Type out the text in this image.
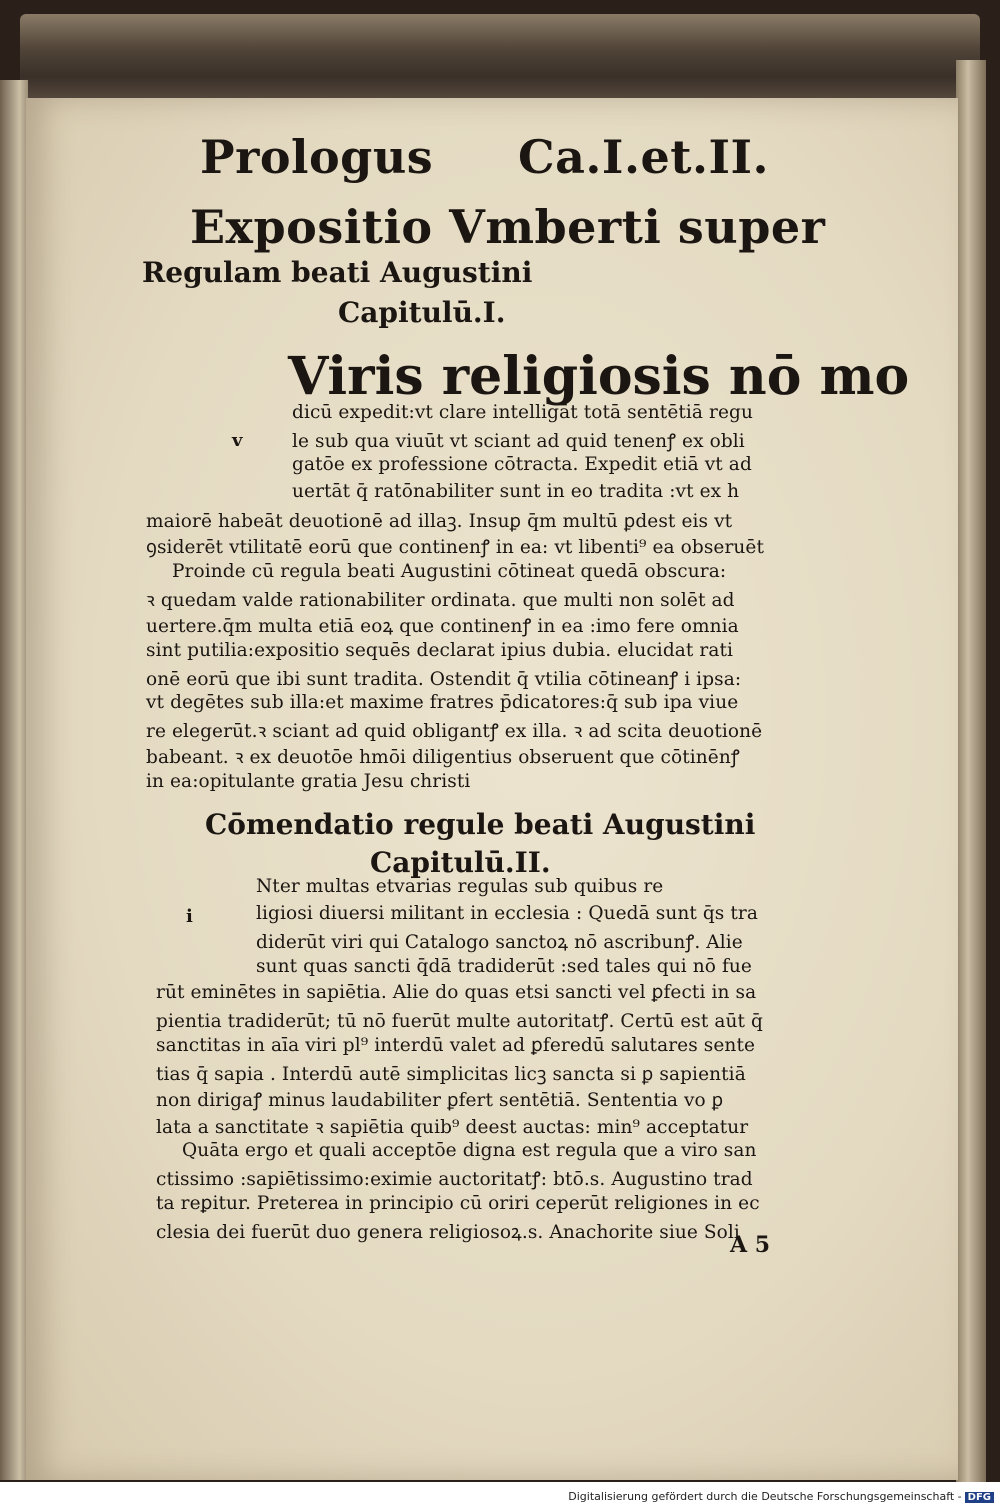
Prologus Ca.I.et.II.
Expositio Vmberti super
Regulam beati Augustini
Capitulū.I.
Viris religiosis nō mo
v
dicū expedit:vt clare intelligāt totā sentētiā regu
le sub qua viuūt vt sciant ad quid tenenꝭ ex obli
gatōe ex professione cōtracta. Expedit etiā vt ad
uertāt q̄ ratōnabiliter sunt in eo tradita :vt ex h
maiorē habeāt deuotionē ad illaꝫ. Insuꝑ q̄m multū ꝑdest eis vt
ꝯsiderēt vtilitatē eorū que continenꝭ in ea: vt libenti⁹ ea obseruēt
Proinde cū regula beati Augustini cōtineat quedā obscura:
ꝛ quedam valde rationabiliter ordinata. que multi non solēt ad
uertere.q̄m multa etiā eoꝝ que continenꝭ in ea :imo fere omnia
sint putilia:expositio sequēs declarat ipius dubia. elucidat rati
onē eorū que ibi sunt tradita. Ostendit q̄ vtilia cōtineanꝭ i ipsa:
vt degētes sub illa:et maxime fratres p̄dicatores:q̄ sub ipa viue
re elegerūt.ꝛ sciant ad quid obligantꝭ ex illa. ꝛ ad scita deuotionē
babeant. ꝛ ex deuotōe hmōi diligentius obseruent que cōtinēnꝭ
in ea:opitulante gratia Jesu christi
Cōmendatio regule beati Augustini
Capitulū.II.
i
Nter multas etvarias regulas sub quibus re
ligiosi diuersi militant in ecclesia : Quedā sunt q̄s tra
diderūt viri qui Catalogo sanctoꝝ nō ascribunꝭ. Alie
sunt quas sancti q̄dā tradiderūt :sed tales qui nō fue
rūt eminētes in sapiētia. Alie do quas etsi sancti vel ꝑfecti in sa
pientia tradiderūt; tū nō fuerūt multe autoritatꝭ. Certū est aūt q̄
sanctitas in aīa viri pl⁹ interdū valet ad ꝑferedū salutares sente
tias q̄ sapia . Interdū autē simplicitas licꝫ sancta si ꝑ sapientiā
non dirigaꝭ minus laudabiliter ꝑfert sentētiā. Sententia vo ꝑ
lata a sanctitate ꝛ sapiētia quib⁹ deest auctas: min⁹ acceptatur
Quāta ergo et quali acceptōe digna est regula que a viro san
ctissimo :sapiētissimo:eximie auctoritatꝭ: btō.s. Augustino trad
ta reꝑitur. Preterea in principio cū oriri ceperūt religiones in ec
clesia dei fuerūt duo genera religiosoꝝ.s. Anachorite siue Soli
A 5
Digitalisierung gefördert durch die Deutsche Forschungsgemeinschaft - DFG
